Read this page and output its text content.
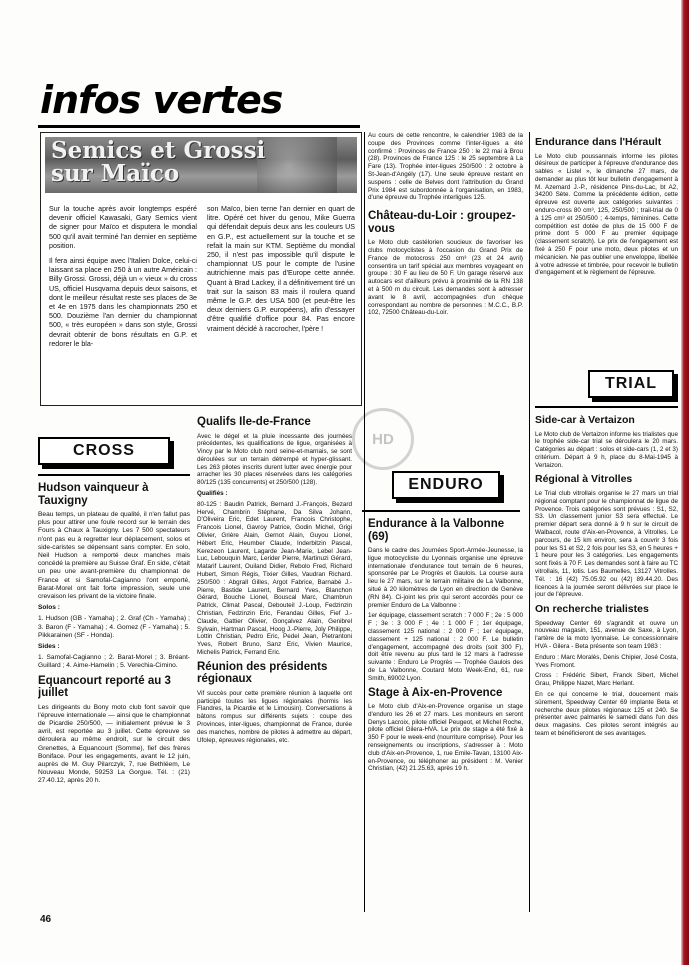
infos vertes
Semics et Grossi
sur Maïco

Sur la touche après avoir longtemps espéré devenir officiel Kawasaki, Gary Semics vient de signer pour Maïco et disputera le mondial 500 qu'il avait terminé l'an dernier en septième position.

Il fera ainsi équipe avec l'Italien Dolce, celui-ci laissant sa place en 250 à un autre Américain : Billy Grossi. Grossi, déjà un « vieux » du cross US, officiel Husqvarna depuis deux saisons, et dont le meilleur résultat reste ses places de 3e et 4e en 1975 dans les championnats 250 et 500. Douzième l'an dernier du championnat 500, « très européen » dans son style, Grossi devrait obtenir de bons résultats en G.P. et redorer le bla-

son Maïco, bien terne l'an dernier en quart de litre. Opéré cet hiver du genou, Mike Guerra qui défendait depuis deux ans les couleurs US en G.P., est actuellement sur la touche et se refait la main sur KTM. Septième du mondial 250, il n'est pas impossible qu'il dispute le championnat US pour le compte de l'usine autrichienne mais pas d'Europe cette année. Quant à Brad Lackey, il a définitivement tiré un trait sur la saison 83 mais il roulera quand même le G.P. des USA 500 (et peut-être les deux derniers G.P. européens), afin d'essayer d'être qualifié d'office pour 84. Pas encore vraiment décidé à raccrocher, l'père !
CROSS
Hudson vainqueur à Tauxigny

Beau temps, un plateau de qualité, il n'en fallut pas plus pour attirer une foule record sur le terrain des Fours à Chaux à Tauxigny. Les 7 500 spectateurs n'ont pas eu à regretter leur déplacement, solos et side-caristes se dépensant sans compter. En solo, Neil Hudson a remporté deux manches mais concédé la première au Suisse Graf. En side, c'était un peu une avant-première du championnat de France et si Samofal-Cagianno l'ont emporté, Barat-Morel ont fait forte impression, seule une crevaison les privant de la victoire finale.

Solos :

1. Hudson (GB - Yamaha) ; 2. Graf (Ch - Yamaha) ; 3. Baron (F - Yamaha) ; 4. Gomez (F - Yamaha) ; 5. Pikkarainen (SF - Honda).

Sides :

1. Samofal-Cagianno ; 2. Barat-Morel ; 3. Bréant-Guillard ; 4. Aime-Hamelin ; 5. Verechia-Cimino.

Equancourt reporté au 3 juillet

Les dirigeants du Bony moto club font savoir que l'épreuve internationale — ainsi que le championnat de Picardie 250/500, — initialement prévue le 3 avril, est reportée au 3 juillet. Cette épreuve se déroulera au même endroit, sur le circuit des Grenettes, à Equancourt (Somme), fief des frères Boniface. Pour les engagements, avant le 12 juin, auprès de M. Guy Pilarczyk, 7, rue Bethléem, Le Nouveau Monde, 59253 La Gorgue. Tél. : (21) 27.40.12, après 20 h.

46
Qualifs Ile-de-France

Avec le dégel et la pluie incessante des journées précédentes, les qualifications de ligue, organisées à Vincy par le Moto club nord seine-et-marnais, se sont déroulées sur un terrain détrempé et hyper-glissant. Les 263 pilotes inscrits durent lutter avec énergie pour arracher les 30 places réservées dans les catégories 80/125 (135 concurrents) et 250/500 (128).

Qualifiés :

80-125 : Baudin Patrick, Bernard J.-François, Bezard Hervé, Chambrin Stéphane, Da Silva Johann, D'Oliveira Eric, Edet Laurent, Francois Christophe, Francois Lionel, Gavroy Patrice, Godin Michel, Grigi Olivier, Grière Alain, Gernot Alain, Guyou Lionel, Hébert Eric, Heumber Claude, Inderbitzin Pascal, Kerezeon Laurent, Lagarde Jean-Marie, Lebel Jean-Luc, Lebouquin Marc, Lerider Pierre, Martinuzi Gérard, Matarif Laurent, Ouiland Didier, Rebolo Fred, Richard Hubert, Simon Régis, Tixier Gilles, Vaudran Richard. 250/500 : Abgrall Gilles, Argot Fabrice, Barnabé J.-Pierre, Bastide Laurent, Bernard Yves, Blanchon Gérard, Bouche Lionel, Bouscal Marc, Chambrun Patrick, Climat Pascal, Debouteil J.-Loup, Fedzinzin Christian, Fedzinzin Eric, Ferandau Gilles, Fief J.-Claude, Gattier Olivier, Gonçalvez Alain, Genibrel Sylvain, Hartman Pascal, Hoog J.-Pierre, Joly Philippe, Lottin Christian, Pedro Eric, Pedel Jean, Pietrantoni Yves, Robert Bruno, Sanz Eric, Vivien Maurice, Michelis Patrick, Ferrand Eric.

Réunion des présidents régionaux

Vif succès pour cette première réunion à laquelle ont participé toutes les ligues régionales (hormis les Flandres, la Picardie et le Limousin). Conversations à bâtons rompus sur différents sujets : coupe des Provinces, inter-ligues, championnat de France, durée des manches, nombre de pilotes à admettre au départ, Ufolep, épreuves régionales, etc.

Au cours de cette rencontre, le calendrier 1983 de la coupe des Provinces comme l'inter-ligues a été confirmé : Provinces de France 250 : le 22 mai à Brou (28). Provinces de France 125 : le 25 septembre à La Fare (13). Trophée inter-ligues 250/500 : 2 octobre à St-Jean-d'Angély (17). Une seule épreuve restant en suspens : celle de Belves dont l'attribution du Grand Prix 1984 est subordonnée à l'organisation, en 1983, d'une épreuve du Trophée interligues 125.

Château-du-Loir : groupez-vous

Le Moto club castélorien soucieux de favoriser les clubs motocyclistes à l'occasion du Grand Prix de France de motocross 250 cm³ (23 et 24 avril) consentira un tarif spécial aux membres voyageant en groupe : 30 F au lieu de 50 F. Un garage réservé aux autocars est d'ailleurs prévu à proximité de la RN 138 et à 500 m du circuit. Les demandes sont à adresser avant le 8 avril, accompagnées d'un chèque correspondant au nombre de personnes : M.C.C., B.P. 102, 72500 Château-du-Loir.

HD
ENDURO
Endurance à la Valbonne (69)

Dans le cadre des Journées Sport-Armée-Jeunesse, la ligue motocycliste du Lyonnais organise une épreuve internationale d'endurance tout terrain de 6 heures, sponsorée par Le Progrès et Gaulois. La course aura lieu le 27 mars, sur le terrain militaire de La Valbonne, situé à 20 kilomètres de Lyon en direction de Genève (RN 84). Ci-joint les prix qui seront accordés pour ce premier Enduro de La Valbonne :

1er équipage, classement scratch : 7 000 F ; 2e : 5 000 F ; 3e : 3 000 F ; 4e : 1 000 F ; 1er équipage, classement 125 national : 2 000 F ; 1er équipage, classement + 125 national : 2 000 F. Le bulletin d'engagement, accompagné des droits (soit 300 F), doit être revenu au plus tard le 12 mars à l'adresse suivante : Enduro Le Progrès — Trophée Gaulois des de La Valbonne, Coutard Moto Week-End, 61, rue Smith, 69002 Lyon.

Stage à Aix-en-Provence

Le Moto club d'Aix-en-Provence organise un stage d'enduro les 26 et 27 mars. Les moniteurs en seront Denys Lacroix, pilote officiel Peugeot, et Michel Roche, pilote officiel Gilera-HVA. Le prix de stage a été fixé à 350 F pour le week-end (nourriture comprise). Pour les renseignements ou inscriptions, s'adresser à : Moto club d'Aix-en-Provence, 1, rue Emile-Tavan, 13100 Aix-en-Provence, ou téléphoner au président : M. Venier Christian, (42) 21.25.63, après 19 h.

Endurance dans l'Hérault

Le Moto club poussannais informe les pilotes désireux de participer à l'épreuve d'endurance des sables « Listel », le dimanche 27 mars, de demander au plus tôt leur bulletin d'engagement à M. Azemard J.-P., résidence Pins-du-Lac, bt A2, 34200 Sète. Comme la précédente édition, cette épreuve est ouverte aux catégories suivantes : enduro-cross 80 cm³, 125, 250/500 ; trail-trial de 0 à 125 cm³ et 250/500 ; 4-temps, féminines. Cette compétition est dotée de plus de 15 000 F de prime dont 5 000 F au premier équipage (classement scratch). Le prix de l'engagement est fixé à 250 F pour une moto, deux pilotes et un mécanicien. Ne pas oublier une enveloppe, libellée à votre adresse et timbrée, pour recevoir le bulletin d'engagement et le règlement de l'épreuve.

TRIAL
Side-car à Vertaizon

Le Moto club de Vertaizon informe les trialistes que le trophée side-car trial se déroulera le 20 mars. Catégories au départ : solos et side-cars (1, 2 et 3) critérium. Départ à 9 h, place du 8-Mai-1945 à Vertaizon.

Régional à Vitrolles

Le Trial club vitrollais organise le 27 mars un trial régional comptant pour le championnat de ligue de Provence. Trois catégories sont prévues : S1, S2, S3. Un classement junior S3 sera effectué. Le premier départ sera donné à 9 h sur le circuit de Walbacol, route d'Aix-en-Provence, à Vitrolles. Le parcours, de 15 km environ, sera à couvrir 3 fois pour les S1 et S2, 2 fois pour les S3, en 5 heures + 1 heure pour les 3 catégories. Les engagements sont fixés à 70 F. Les demandes sont à faire au TC vitrollais, 11, lotis. Les Baumelles, 13127 Vitrolles. Tél. : 16 (42) 75.05.92 ou (42) 89.44.20. Des licences à la journée seront délivrées sur place le jour de l'épreuve.

On recherche trialistes

Speedway Center 69 s'agrandit et ouvre un nouveau magasin, 151, avenue de Saxe, à Lyon, l'artère de la moto lyonnaise. Le concessionnaire HVA - Gilera - Beta présente son team 1983 :

Enduro : Marc Moralès, Denis Chipier, José Costa, Yves Fromont.

Cross : Frédéric Sibert, Franck Sibert, Michel Grau, Philippe Nazet, Marc Herlant.

En ce qui concerne le trial, doucement mais sûrement, Speedway Center 69 implante Beta et recherche deux pilotes régionaux 125 et 240. Se présenter avec palmarès le samedi dans l'un des deux magasins. Ces pilotes seront intégrés au team et bénéficieront de ses avantages.
